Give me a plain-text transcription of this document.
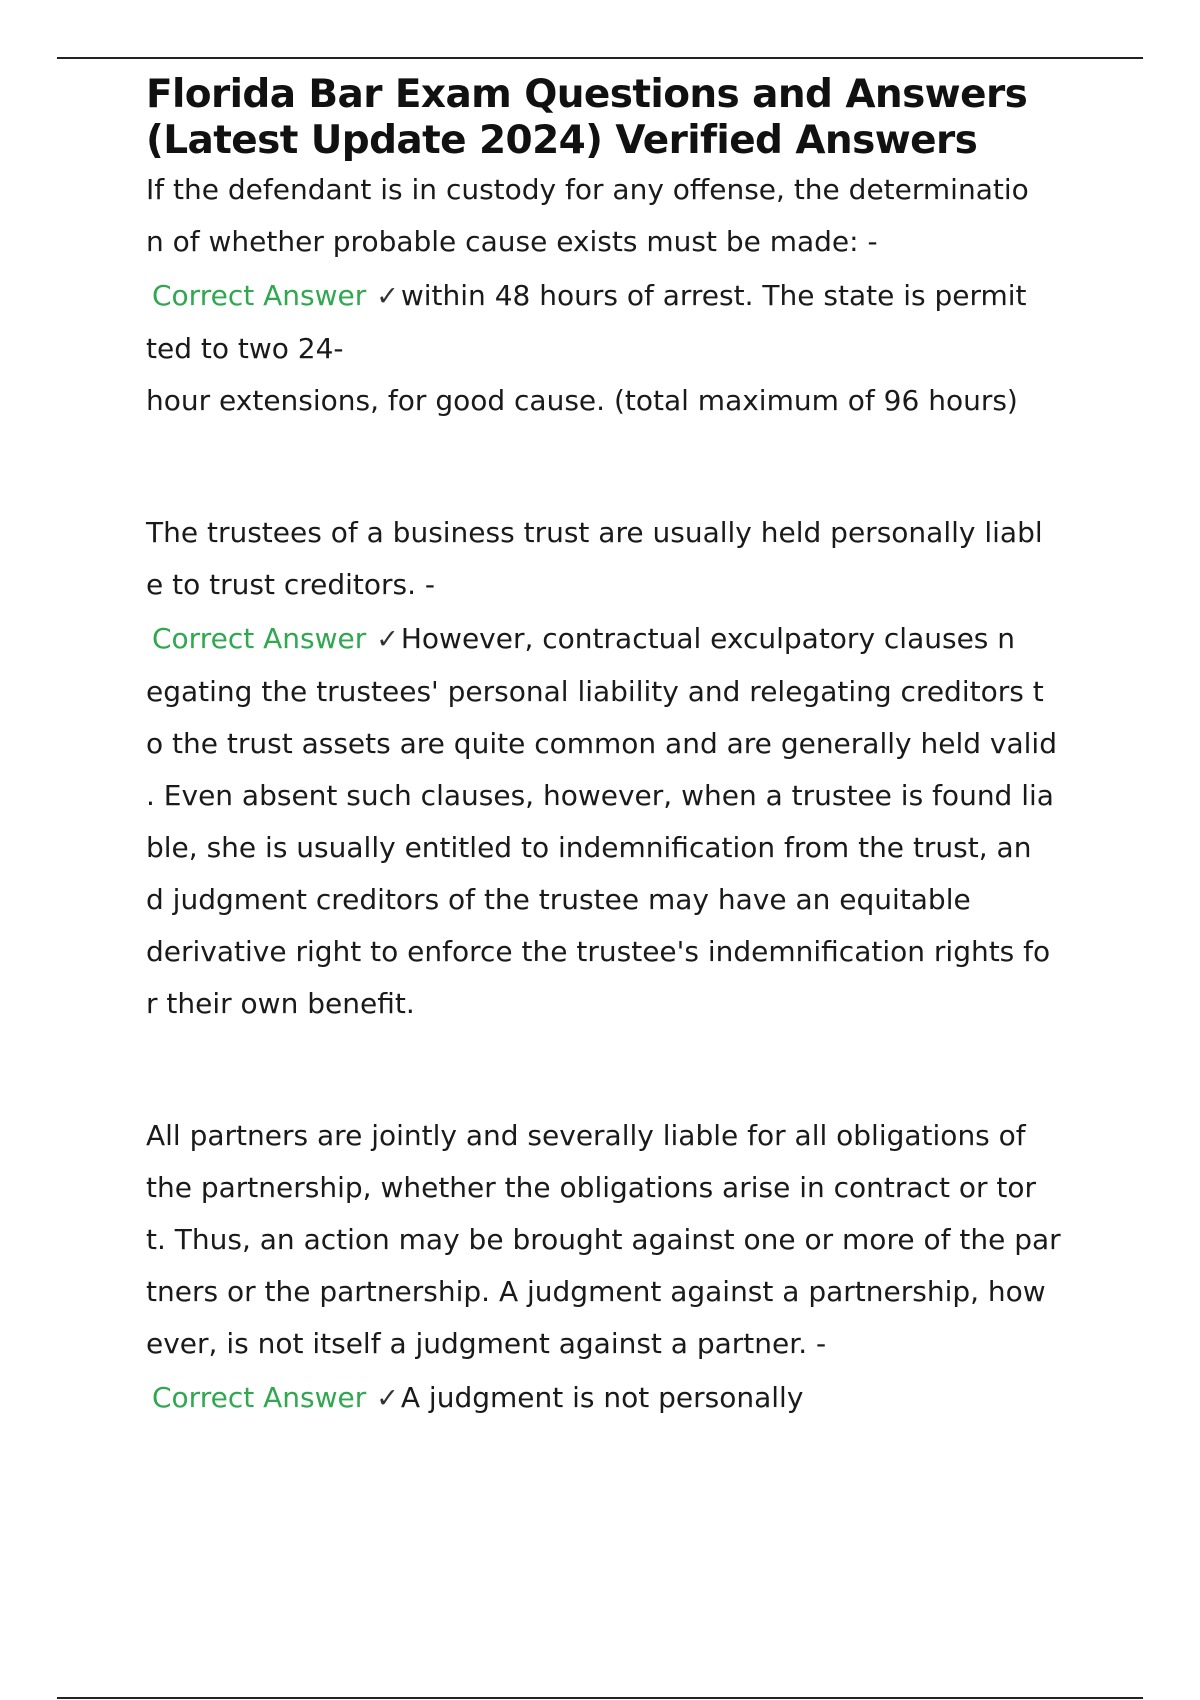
Florida Bar Exam Questions and Answers
(Latest Update 2024) Verified Answers

If the defendant is in custody for any offense, the determinatio
n of whether probable cause exists must be made: -

Correct Answer ✓within 48 hours of arrest. The state is permit
ted to two 24-
hour extensions, for good cause. (total maximum of 96 hours)

The trustees of a business trust are usually held personally liabl
e to trust creditors. -

Correct Answer ✓However, contractual exculpatory clauses n
egating the trustees' personal liability and relegating creditors t
o the trust assets are quite common and are generally held valid
. Even absent such clauses, however, when a trustee is found lia
ble, she is usually entitled to indemnification from the trust, an
d judgment creditors of the trustee may have an equitable
derivative right to enforce the trustee's indemnification rights fo
r their own benefit.

All partners are jointly and severally liable for all obligations of
the partnership, whether the obligations arise in contract or tor
t. Thus, an action may be brought against one or more of the par
tners or the partnership. A judgment against a partnership, how
ever, is not itself a judgment against a partner. -

Correct Answer ✓A judgment is not personally
